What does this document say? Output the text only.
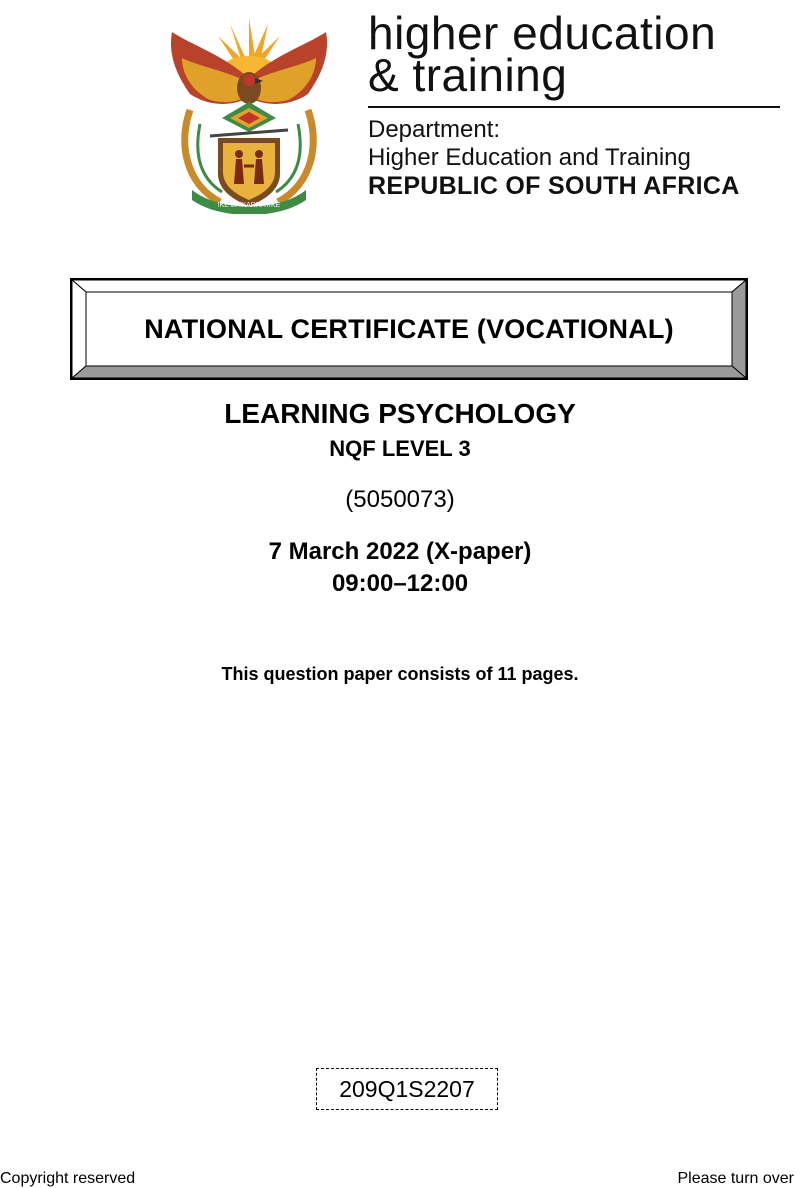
!KE E: /XARRA //KE

higher education

& training

Department:
Higher Education and Training
REPUBLIC OF SOUTH AFRICA
NATIONAL CERTIFICATE (VOCATIONAL)
LEARNING PSYCHOLOGY
NQF LEVEL 3
(5050073)
7 March 2022 (X-paper)
09:00–12:00
This question paper consists of 11 pages.
209Q1S2207
Copyright reserved	Please turn over
